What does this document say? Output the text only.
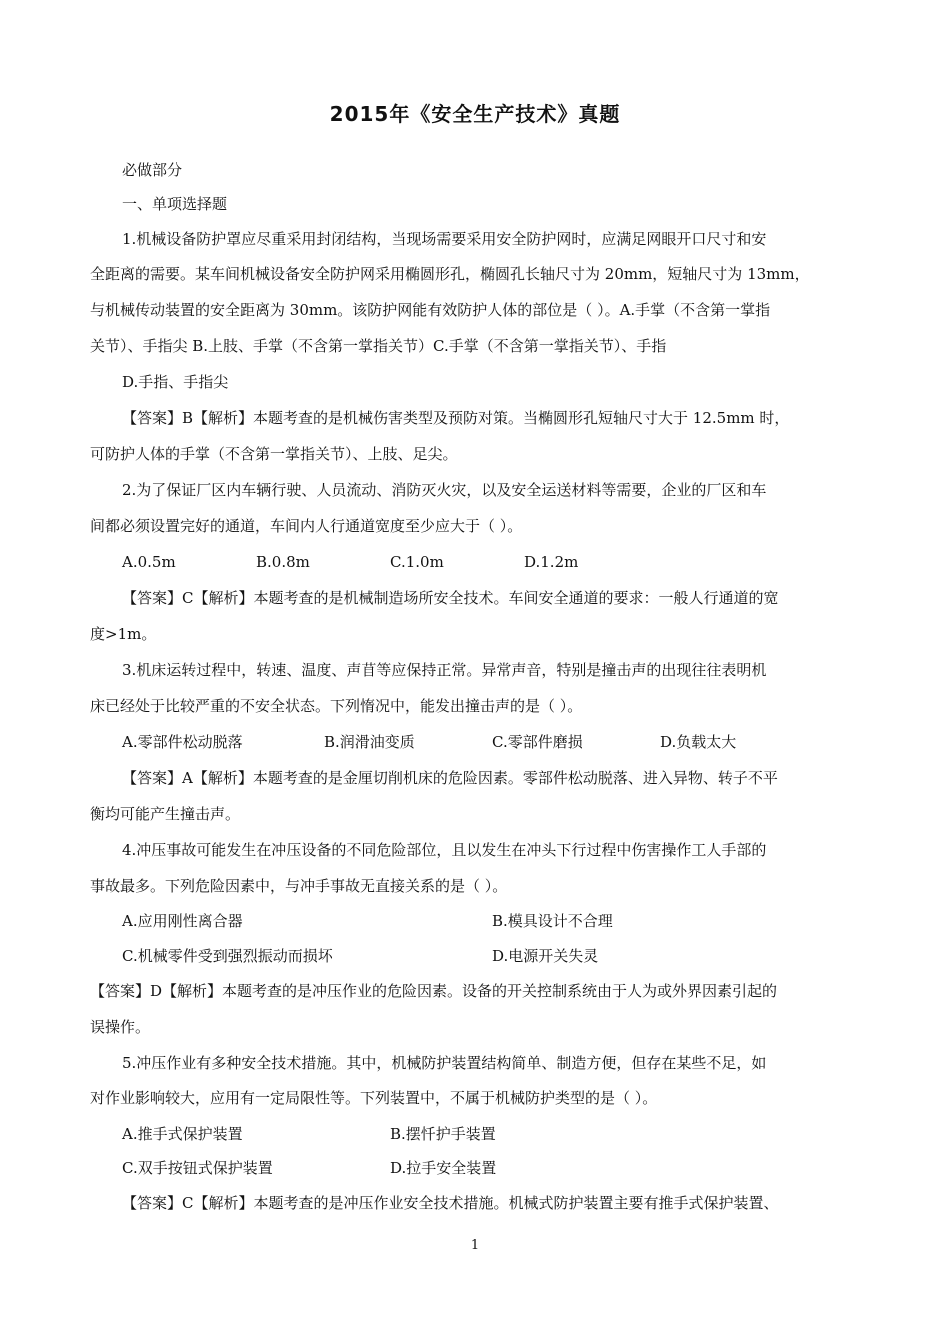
2015年《安全生产技术》真题
必做部分
一、单项选择题
1.机械设备防护罩应尽重采用封闭结构，当现场需要采用安全防护网时，应满足网眼开口尺寸和安
全距离的需要。某车间机械设备安全防护网采用椭圆形孔，椭圆孔长轴尺寸为 20mm，短轴尺寸为 13mm，
与机械传动装置的安全距离为 30mm。该防护网能有效防护人体的部位是（ ）。A.手掌（不含第一掌指
关节）、手指尖 B.上肢、手掌（不含第一掌指关节）C.手掌（不含第一掌指关节）、手指
D.手指、手指尖
【答案】B【解析】本题考查的是机械伤害类型及预防对策。当椭圆形孔短轴尺寸大于 12.5mm 时，
可防护人体的手掌（不含第一掌指关节）、上肢、足尖。
2.为了保证厂区内车辆行驶、人员流动、消防灭火灾，以及安全运送材料等需要，企业的厂区和车
间都必须设置完好的通道，车间内人行通道宽度至少应大于（ ）。
A.0.5m	B.0.8m	C.1.0m	D.1.2m
【答案】C【解析】本题考查的是机械制造场所安全技术。车间安全通道的要求：一般人行通道的宽
度>1m。
3.机床运转过程中，转速、温度、声苜等应保持正常。异常声音，特别是撞击声的出现往往表明机
床已经处于比较严重的不安全状态。下列惰况中，能发出撞击声的是（ ）。
A.零部件松动脱落	B.润滑油变质	C.零部件磨损	D.负载太大
【答案】A【解析】本题考查的是金厘切削机床的危险因素。零部件松动脱落、进入异物、转子不平
衡均可能产生撞击声。
4.冲压事故可能发生在冲压设备的不同危险部位，且以发生在冲头下行过程中伤害操作工人手部的
事故最多。下列危险因素中，与冲手事故无直接关系的是（ ）。
A.应用刚性离合器	B.模具设计不合理
C.机械零件受到强烈振动而损坏	D.电源开关失灵
【答案】D【解析】本题考查的是冲压作业的危险因素。设备的开关控制系统由于人为或外界因素引起的
误操作。
5.冲压作业有多种安全技术措施。其中，机械防护装置结构简单、制造方便，但存在某些不足，如
对作业影响较大，应用有一定局限性等。下列装置中，不属于机械防护类型的是（ ）。
A.推手式保护装置	B.摆忏护手装置
C.双手按钮式保护装置	D.拉手安全装置
【答案】C【解析】本题考查的是冲压作业安全技术措施。机械式防护装置主要有推手式保护装置、
1
